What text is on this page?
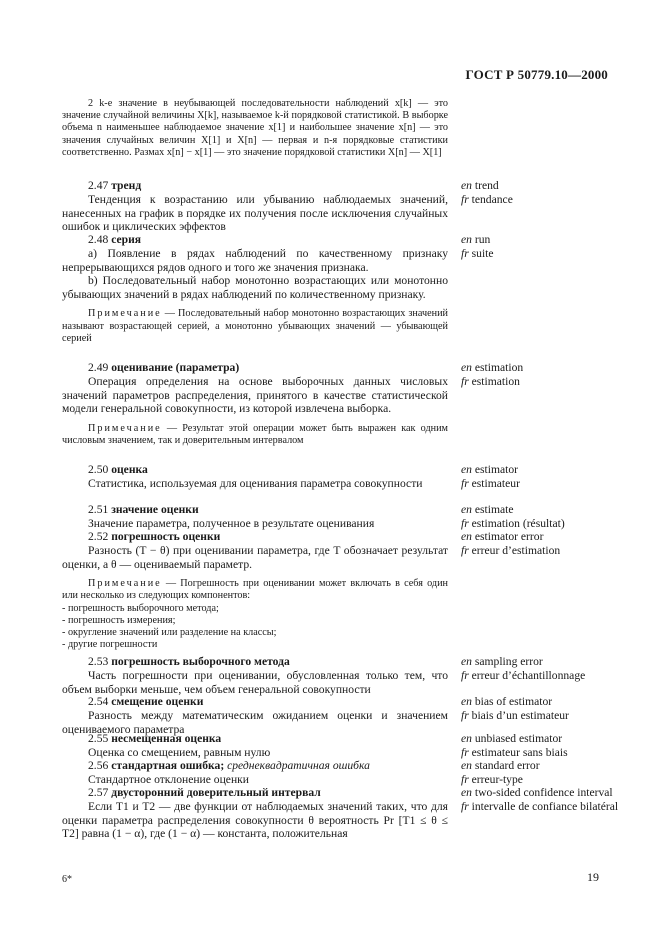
ГОСТ Р 50779.10—2000

2 k-е значение в неубывающей последовательности наблюдений x[k] — это значение случайной величины X[k], называемое k-й порядковой статистикой. В выборке объема n наименьшее наблюдаемое значение x[1] и наибольшее значение x[n] — это значения случайных величин X[1] и X[n] — первая и n-я порядковые статистики соответственно. Размах x[n] − x[1] — это значение порядковой статистики X[n] — X[1]

2.47 тренд

Тенденция к возрастанию или убыванию наблюдаемых значений, нанесенных на график в порядке их получения после исключения случайных ошибок и циклических эффектов

en trend
fr tendance
2.48 серия

а) Появление в рядах наблюдений по качественному признаку непрерывающихся рядов одного и того же значения признака.

b) Последовательный набор монотонно возрастающих или монотонно убывающих значений в рядах наблюдений по количественному признаку.

Примечание — Последовательный набор монотонно возрастающих значений называют возрастающей серией, а монотонно убывающих значений — убывающей серией

en run
fr suite
2.49 оценивание (параметра)

Операция определения на основе выборочных данных числовых значений параметров распределения, принятого в качестве статистической модели генеральной совокупности, из которой извлечена выборка.

Примечание — Результат этой операции может быть выражен как одним числовым значением, так и доверительным интервалом

en estimation
fr estimation
2.50 оценка

Статистика, используемая для оценивания параметра совокупности

en estimator
fr estimateur
2.51 значение оценки

Значение параметра, полученное в результате оценивания

en estimate
fr estimation (résultat)
2.52 погрешность оценки

Разность (T − θ) при оценивании параметра, где T обозначает результат оценки, а θ — оцениваемый параметр.

Примечание — Погрешность при оценивании может включать в себя один или несколько из следующих компонентов:

- погрешность выборочного метода;
- погрешность измерения;
- округление значений или разделение на классы;
- другие погрешности
en estimator error
fr erreur d’estimation
2.53 погрешность выборочного метода

Часть погрешности при оценивании, обусловленная только тем, что объем выборки меньше, чем объем генеральной совокупности

en sampling error
fr erreur d’échantillonnage
2.54 смещение оценки

Разность между математическим ожиданием оценки и значением оцениваемого параметра

en bias of estimator
fr biais d’un estimateur
2.55 несмещенная оценка

Оценка со смещением, равным нулю

en unbiased estimator
fr estimateur sans biais
2.56 стандартная ошибка; среднеквадратичная ошибка

Стандартное отклонение оценки

en standard error
fr erreur-type
2.57 двусторонний доверительный интервал

Если T1 и T2 — две функции от наблюдаемых значений таких, что для оценки параметра распределения совокупности θ вероятность Pr [T1 ≤ θ ≤ T2] равна (1 − α), где (1 − α) — константа, положительная

en two-sided confidence interval
fr intervalle de confiance bilatéral
6*	19
